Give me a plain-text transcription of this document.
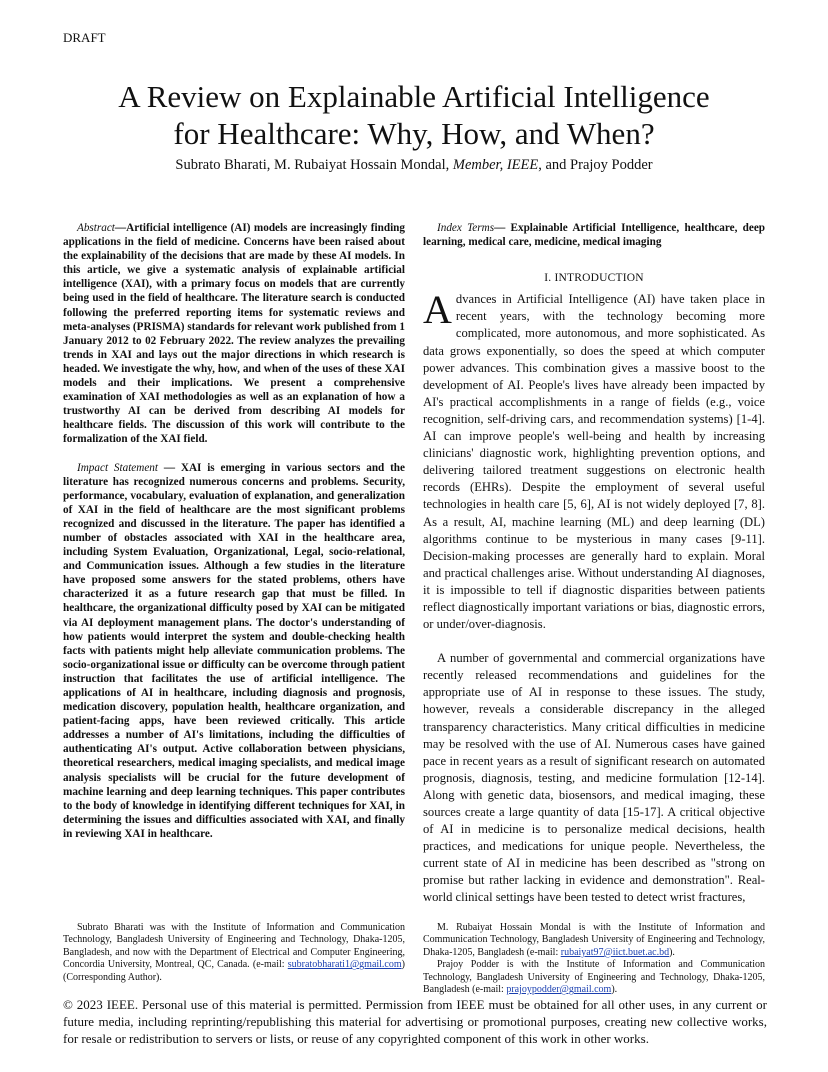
DRAFT
A Review on Explainable Artificial Intelligence
for Healthcare: Why, How, and When?
Subrato Bharati, M. Rubaiyat Hossain Mondal, Member, IEEE, and Prajoy Podder

Abstract—Artificial intelligence (AI) models are increasingly finding applications in the field of medicine. Concerns have been raised about the explainability of the decisions that are made by these AI models. In this article, we give a systematic analysis of explainable artificial intelligence (XAI), with a primary focus on models that are currently being used in the field of healthcare. The literature search is conducted following the preferred reporting items for systematic reviews and meta-analyses (PRISMA) standards for relevant work published from 1 January 2012 to 02 February 2022. The review analyzes the prevailing trends in XAI and lays out the major directions in which research is headed. We investigate the why, how, and when of the uses of these XAI models and their implications. We present a comprehensive examination of XAI methodologies as well as an explanation of how a trustworthy AI can be derived from describing AI models for healthcare fields. The discussion of this work will contribute to the formalization of the XAI field.

Impact Statement — XAI is emerging in various sectors and the literature has recognized numerous concerns and problems. Security, performance, vocabulary, evaluation of explanation, and generalization of XAI in the field of healthcare are the most significant problems recognized and discussed in the literature. The paper has identified a number of obstacles associated with XAI in the healthcare area, including System Evaluation, Organizational, Legal, socio-relational, and Communication issues. Although a few studies in the literature have proposed some answers for the stated problems, others have characterized it as a future research gap that must be filled. In healthcare, the organizational difficulty posed by XAI can be mitigated via AI deployment management plans. The doctor's understanding of how patients would interpret the system and double-checking health facts with patients might help alleviate communication problems. The socio-organizational issue or difficulty can be overcome through patient instruction that facilitates the use of artificial intelligence. The applications of AI in healthcare, including diagnosis and prognosis, medication discovery, population health, healthcare organization, and patient-facing apps, have been reviewed critically. This article addresses a number of AI's limitations, including the difficulties of authenticating AI's output. Active collaboration between physicians, theoretical researchers, medical imaging specialists, and medical image analysis specialists will be crucial for the future development of machine learning and deep learning techniques. This paper contributes to the body of knowledge in identifying different techniques for XAI, in determining the issues and difficulties associated with XAI, and finally in reviewing XAI in healthcare.

Index Terms— Explainable Artificial Intelligence, healthcare, deep learning, medical care, medicine, medical imaging

I. INTRODUCTION

Advances in Artificial Intelligence (AI) have taken place in recent years, with the technology becoming more complicated, more autonomous, and more sophisticated. As data grows exponentially, so does the speed at which computer power advances. This combination gives a massive boost to the development of AI. People's lives have already been impacted by AI's practical accomplishments in a range of fields (e.g., voice recognition, self-driving cars, and recommendation systems) [1-4]. AI can improve people's well-being and health by increasing clinicians' diagnostic work, highlighting prevention options, and delivering tailored treatment suggestions on electronic health records (EHRs). Despite the employment of several useful technologies in health care [5, 6], AI is not widely deployed [7, 8]. As a result, AI, machine learning (ML) and deep learning (DL) algorithms continue to be mysterious in many cases [9-11]. Decision-making processes are generally hard to explain. Moral and practical challenges arise. Without understanding AI diagnoses, it is impossible to tell if diagnostic disparities between patients reflect diagnostically important variations or bias, diagnostic errors, or under/over-diagnosis.

A number of governmental and commercial organizations have recently released recommendations and guidelines for the appropriate use of AI in response to these issues. The study, however, reveals a considerable discrepancy in the alleged transparency characteristics. Many critical difficulties in medicine may be resolved with the use of AI. Numerous cases have gained pace in recent years as a result of significant research on automated prognosis, diagnosis, testing, and medicine formulation [12-14]. Along with genetic data, biosensors, and medical imaging, these sources create a large quantity of data [15-17]. A critical objective of AI in medicine is to personalize medical decisions, health practices, and medications for unique people. Nevertheless, the current state of AI in medicine has been described as "strong on promise but rather lacking in evidence and demonstration". Real-world clinical settings have been tested to detect wrist fractures,

Subrato Bharati was with the Institute of Information and Communication Technology, Bangladesh University of Engineering and Technology, Dhaka-1205, Bangladesh, and now with the Department of Electrical and Computer Engineering, Concordia University, Montreal, QC, Canada. (e-mail: subratobharati1@gmail.com) (Corresponding Author).

M. Rubaiyat Hossain Mondal is with the Institute of Information and Communication Technology, Bangladesh University of Engineering and Technology, Dhaka-1205, Bangladesh (e-mail: rubaiyat97@iict.buet.ac.bd).

Prajoy Podder is with the Institute of Information and Communication Technology, Bangladesh University of Engineering and Technology, Dhaka-1205, Bangladesh (e-mail: prajoypodder@gmail.com).

© 2023 IEEE. Personal use of this material is permitted. Permission from IEEE must be obtained for all other uses, in any current or future media, including reprinting/republishing this material for advertising or promotional purposes, creating new collective works, for resale or redistribution to servers or lists, or reuse of any copyrighted component of this work in other works.
